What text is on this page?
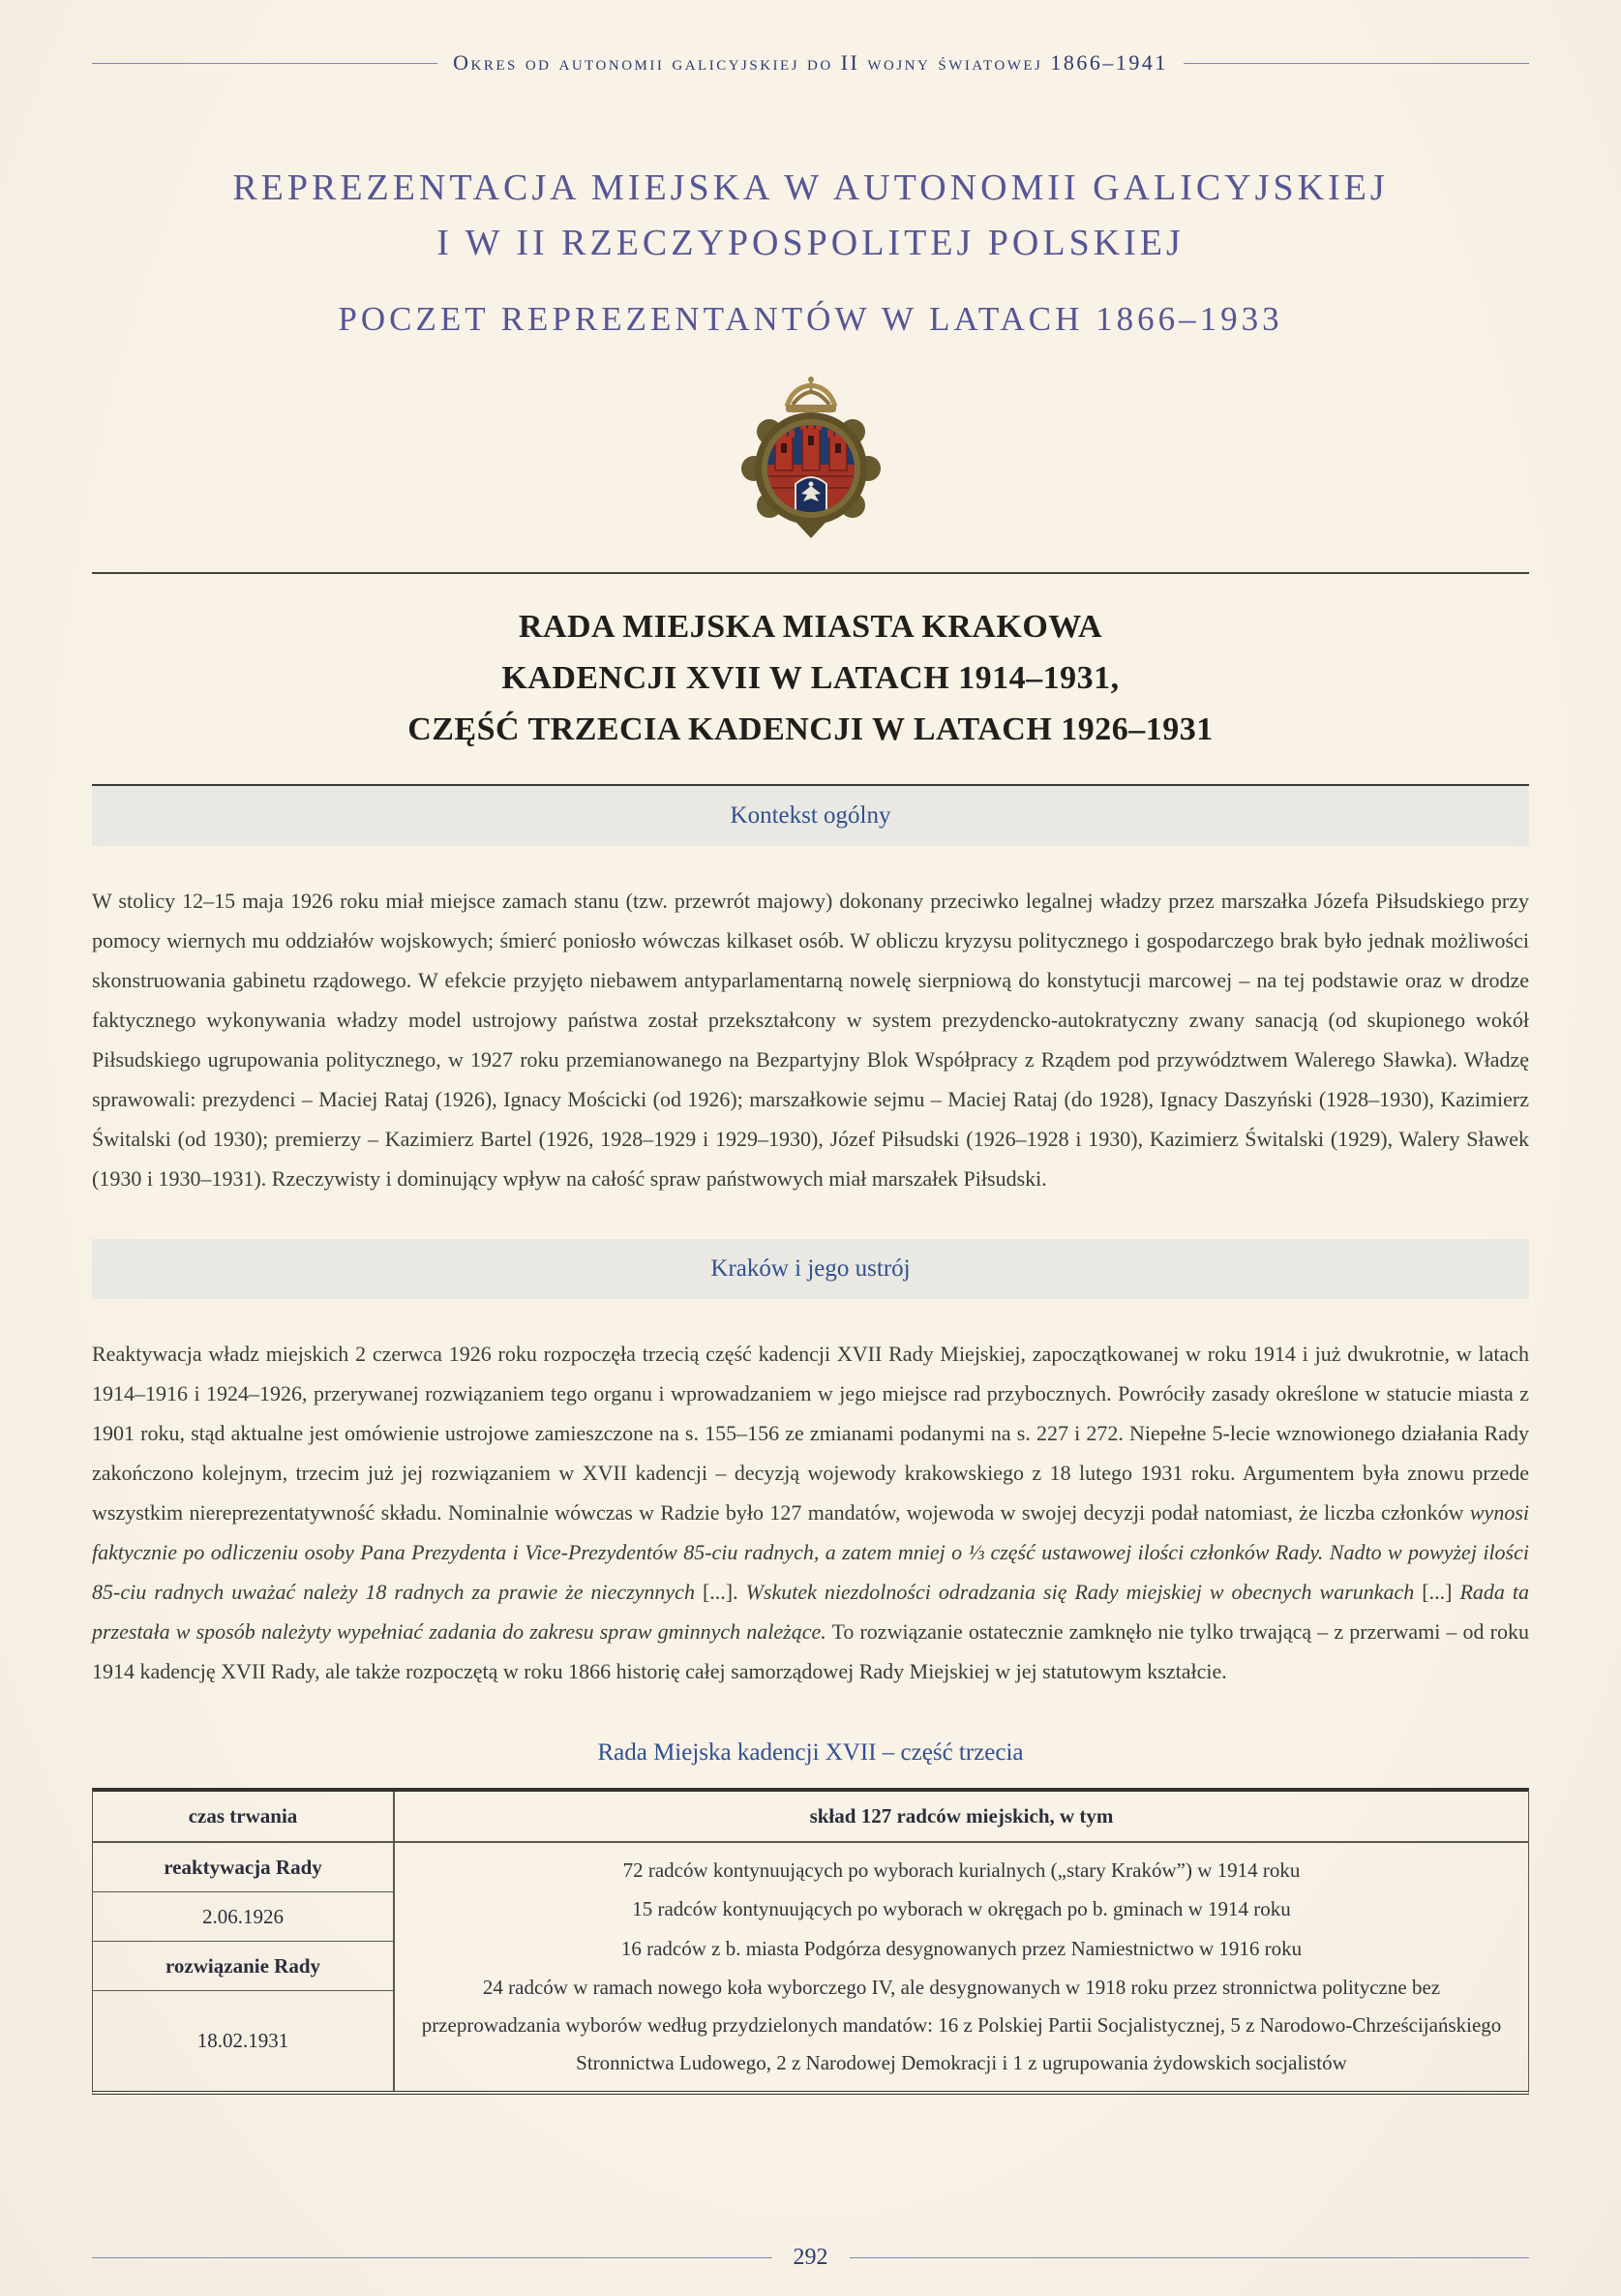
Okres od autonomii galicyjskiej do II wojny światowej 1866–1941
REPREZENTACJA MIEJSKA W AUTONOMII GALICYJSKIEJ
I W II RZECZYPOSPOLITEJ POLSKIEJ
POCZET REPREZENTANTÓW W LATACH 1866–1933
RADA MIEJSKA MIASTA KRAKOWA
KADENCJI XVII W LATACH 1914–1931,
CZĘŚĆ TRZECIA KADENCJI W LATACH 1926–1931
Kontekst ogólny

W stolicy 12–15 maja 1926 roku miał miejsce zamach stanu (tzw. przewrót majowy) dokonany przeciwko legalnej władzy przez marszałka Józefa Piłsudskiego przy pomocy wiernych mu oddziałów wojskowych; śmierć poniosło wówczas kilkaset osób. W obliczu kryzysu politycznego i gospodarczego brak było jednak możliwości skonstruowania gabinetu rządowego. W efekcie przyjęto niebawem antyparlamentarną nowelę sierpniową do konstytucji marcowej – na tej podstawie oraz w drodze faktycznego wykonywania władzy model ustrojowy państwa został przekształcony w system prezydencko-autokratyczny zwany sanacją (od skupionego wokół Piłsudskiego ugrupowania politycznego, w 1927 roku przemianowanego na Bezpartyjny Blok Współpracy z Rządem pod przywództwem Walerego Sławka). Władzę sprawowali: prezydenci – Maciej Rataj (1926), Ignacy Mościcki (od 1926); marszałkowie sejmu – Maciej Rataj (do 1928), Ignacy Daszyński (1928–1930), Kazimierz Świtalski (od 1930); premierzy – Kazimierz Bartel (1926, 1928–1929 i 1929–1930), Józef Piłsudski (1926–1928 i 1930), Kazimierz Świtalski (1929), Walery Sławek (1930 i 1930–1931). Rzeczywisty i dominujący wpływ na całość spraw państwowych miał marszałek Piłsudski.

Kraków i jego ustrój

Reaktywacja władz miejskich 2 czerwca 1926 roku rozpoczęła trzecią część kadencji XVII Rady Miejskiej, zapoczątkowanej w roku 1914 i już dwukrotnie, w latach 1914–1916 i 1924–1926, przerywanej rozwiązaniem tego organu i wprowadzaniem w jego miejsce rad przybocznych. Powróciły zasady określone w statucie miasta z 1901 roku, stąd aktualne jest omówienie ustrojowe zamieszczone na s. 155–156 ze zmianami podanymi na s. 227 i 272. Niepełne 5-lecie wznowionego działania Rady zakończono kolejnym, trzecim już jej rozwiązaniem w XVII kadencji – decyzją wojewody krakowskiego z 18 lutego 1931 roku. Argumentem była znowu przede wszystkim niereprezentatywność składu. Nominalnie wówczas w Radzie było 127 mandatów, wojewoda w swojej decyzji podał natomiast, że liczba członków wynosi faktycznie po odliczeniu osoby Pana Prezydenta i Vice-Prezydentów 85-ciu radnych, a zatem mniej o ⅓ część ustawowej ilości członków Rady. Nadto w powyżej ilości 85-ciu radnych uważać należy 18 radnych za prawie że nieczynnych [...]. Wskutek niezdolności odradzania się Rady miejskiej w obecnych warunkach [...] Rada ta przestała w sposób należyty wypełniać zadania do zakresu spraw gminnych należące. To rozwiązanie ostatecznie zamknęło nie tylko trwającą – z przerwami – od roku 1914 kadencję XVII Rady, ale także rozpoczętą w roku 1866 historię całej samorządowej Rady Miejskiej w jej statutowym kształcie.

Rada Miejska kadencji XVII – część trzecia
czas trwania	skład 127 radców miejskich, w tym
reaktywacja Rady
2.06.1926
rozwiązanie Rady
18.02.1931
72 radców kontynuujących po wyborach kurialnych („stary Kraków”) w 1914 roku
15 radców kontynuujących po wyborach w okręgach po b. gminach w 1914 roku
16 radców z b. miasta Podgórza desygnowanych przez Namiestnictwo w 1916 roku
24 radców w ramach nowego koła wyborczego IV, ale desygnowanych w 1918 roku przez stronnictwa polityczne bez przeprowadzania wyborów według przydzielonych mandatów: 16 z Polskiej Partii Socjalistycznej, 5 z Narodowo-Chrześcijańskiego Stronnictwa Ludowego, 2 z Narodowej Demokracji i 1 z ugrupowania żydowskich socjalistów
292
